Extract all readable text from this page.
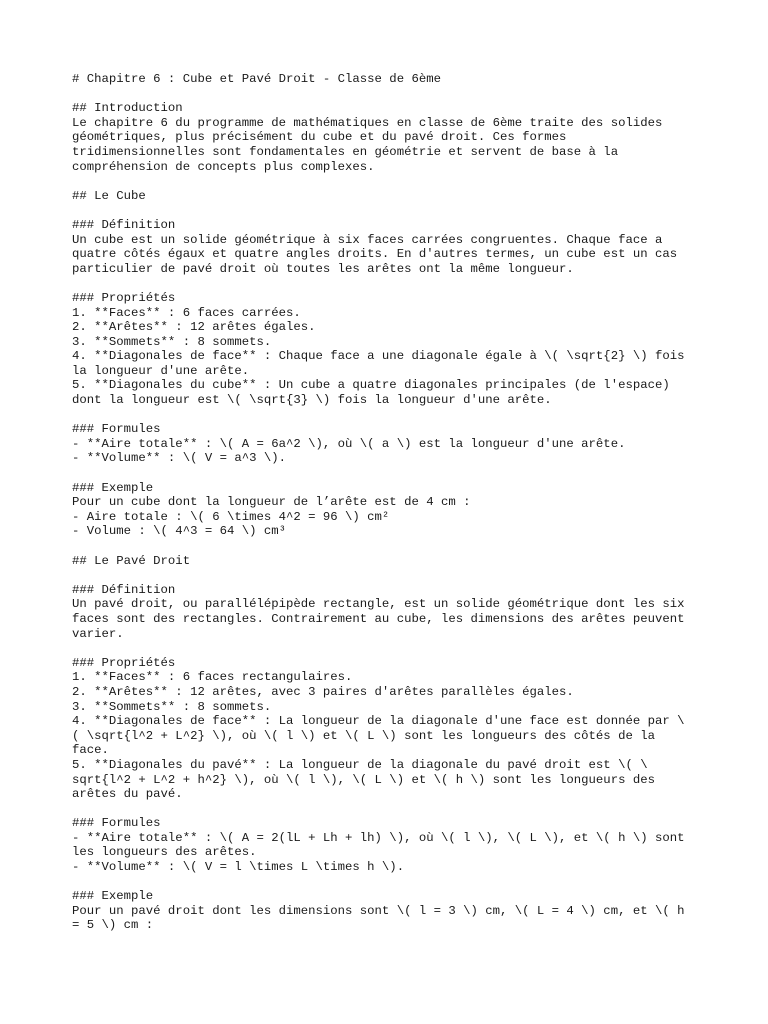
# Chapitre 6 : Cube et Pavé Droit - Classe de 6ème
## Introduction
Le chapitre 6 du programme de mathématiques en classe de 6ème traite des solides
géométriques, plus précisément du cube et du pavé droit. Ces formes
tridimensionnelles sont fondamentales en géométrie et servent de base à la
compréhension de concepts plus complexes.
## Le Cube
### Définition
Un cube est un solide géométrique à six faces carrées congruentes. Chaque face a
quatre côtés égaux et quatre angles droits. En d'autres termes, un cube est un cas
particulier de pavé droit où toutes les arêtes ont la même longueur.
### Propriétés
1. **Faces** : 6 faces carrées.
2. **Arêtes** : 12 arêtes égales.
3. **Sommets** : 8 sommets.
4. **Diagonales de face** : Chaque face a une diagonale égale à \( \sqrt{2} \) fois
la longueur d'une arête.
5. **Diagonales du cube** : Un cube a quatre diagonales principales (de l'espace)
dont la longueur est \( \sqrt{3} \) fois la longueur d'une arête.
### Formules
- **Aire totale** : \( A = 6a^2 \), où \( a \) est la longueur d'une arête.
- **Volume** : \( V = a^3 \).
### Exemple
Pour un cube dont la longueur de l’arête est de 4 cm :
- Aire totale : \( 6 \times 4^2 = 96 \) cm²
- Volume : \( 4^3 = 64 \) cm³
## Le Pavé Droit
### Définition
Un pavé droit, ou parallélépipède rectangle, est un solide géométrique dont les six
faces sont des rectangles. Contrairement au cube, les dimensions des arêtes peuvent
varier.
### Propriétés
1. **Faces** : 6 faces rectangulaires.
2. **Arêtes** : 12 arêtes, avec 3 paires d'arêtes parallèles égales.
3. **Sommets** : 8 sommets.
4. **Diagonales de face** : La longueur de la diagonale d'une face est donnée par \
( \sqrt{l^2 + L^2} \), où \( l \) et \( L \) sont les longueurs des côtés de la
face.
5. **Diagonales du pavé** : La longueur de la diagonale du pavé droit est \( \
sqrt{l^2 + L^2 + h^2} \), où \( l \), \( L \) et \( h \) sont les longueurs des
arêtes du pavé.
### Formules
- **Aire totale** : \( A = 2(lL + Lh + lh) \), où \( l \), \( L \), et \( h \) sont
les longueurs des arêtes.
- **Volume** : \( V = l \times L \times h \).
### Exemple
Pour un pavé droit dont les dimensions sont \( l = 3 \) cm, \( L = 4 \) cm, et \( h
= 5 \) cm :
